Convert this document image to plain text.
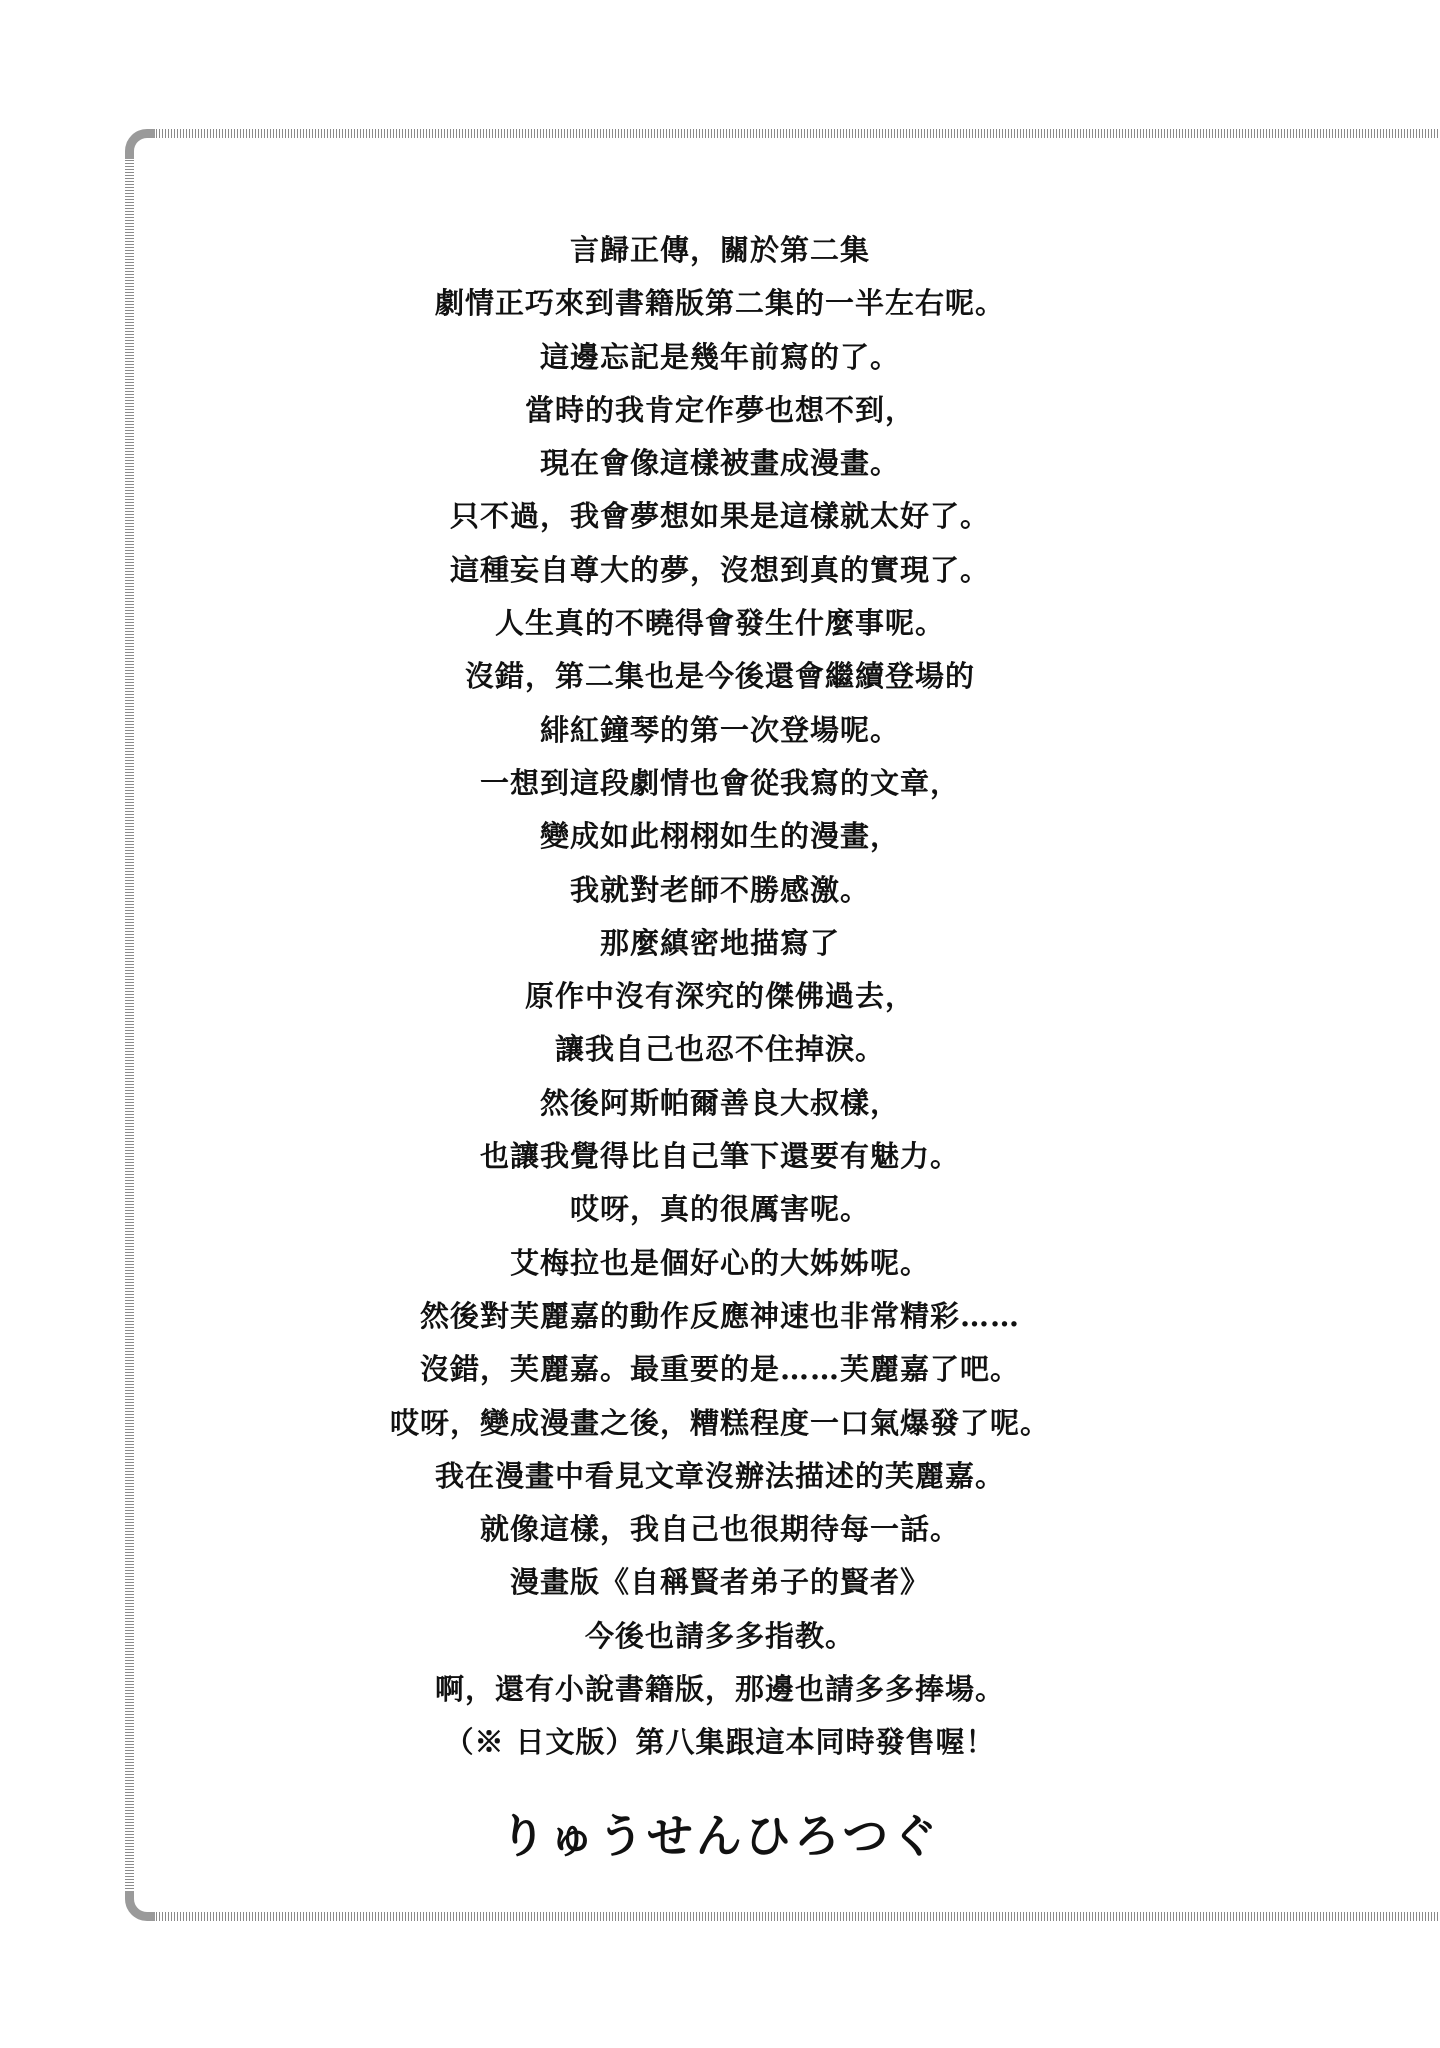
言歸正傳，關於第二集
劇情正巧來到書籍版第二集的一半左右呢。
這邊忘記是幾年前寫的了。
當時的我肯定作夢也想不到，
現在會像這樣被畫成漫畫。
只不過，我會夢想如果是這樣就太好了。
這種妄自尊大的夢，沒想到真的實現了。
人生真的不曉得會發生什麼事呢。
沒錯，第二集也是今後還會繼續登場的
緋紅鐘琴的第一次登場呢。
一想到這段劇情也會從我寫的文章，
變成如此栩栩如生的漫畫，
我就對老師不勝感激。
那麼縝密地描寫了
原作中沒有深究的傑佛過去，
讓我自己也忍不住掉淚。
然後阿斯帕爾善良大叔樣，
也讓我覺得比自己筆下還要有魅力。
哎呀，真的很厲害呢。
艾梅拉也是個好心的大姊姊呢。
然後對芙麗嘉的動作反應神速也非常精彩……
沒錯，芙麗嘉。最重要的是……芙麗嘉了吧。
哎呀，變成漫畫之後，糟糕程度一口氣爆發了呢。
我在漫畫中看見文章沒辦法描述的芙麗嘉。
就像這樣，我自己也很期待每一話。
漫畫版《自稱賢者弟子的賢者》
今後也請多多指教。
啊，還有小說書籍版，那邊也請多多捧場。
（※ 日文版）第八集跟這本同時發售喔！
りゅうせんひろつぐ
